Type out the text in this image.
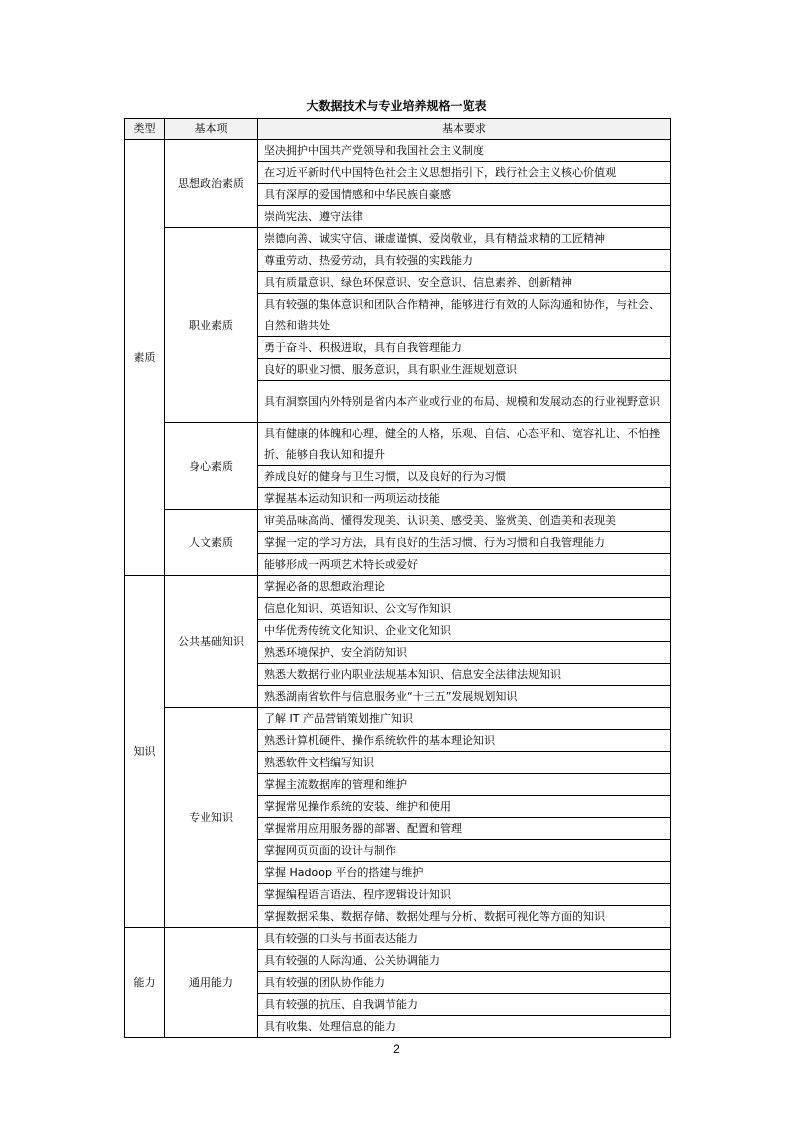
大数据技术与专业培养规格一览表
类型	基本项	基本要求
素质	思想政治素质	坚决拥护中国共产党领导和我国社会主义制度
		在习近平新时代中国特色社会主义思想指引下，践行社会主义核心价值观
		具有深厚的爱国情感和中华民族自豪感
		崇尚宪法、遵守法律
	职业素质	崇德向善、诚实守信、谦虚谨慎、爱岗敬业，具有精益求精的工匠精神
		尊重劳动、热爱劳动，具有较强的实践能力
		具有质量意识、绿色环保意识、安全意识、信息素养、创新精神
		具有较强的集体意识和团队合作精神，能够进行有效的人际沟通和协作，与社会、自然和谐共处
		勇于奋斗、积极进取，具有自我管理能力
		良好的职业习惯、服务意识，具有职业生涯规划意识
		具有洞察国内外特别是省内本产业或行业的布局、规模和发展动态的行业视野意识
	身心素质	具有健康的体魄和心理、健全的人格，乐观、自信、心态平和、宽容礼让、不怕挫折、能够自我认知和提升
		养成良好的健身与卫生习惯，以及良好的行为习惯
		掌握基本运动知识和一两项运动技能
	人文素质	审美品味高尚、懂得发现美、认识美、感受美、鉴赏美、创造美和表现美
		掌握一定的学习方法，具有良好的生活习惯、行为习惯和自我管理能力
		能够形成一两项艺术特长或爱好
知识	公共基础知识	掌握必备的思想政治理论
		信息化知识、英语知识、公文写作知识
		中华优秀传统文化知识、企业文化知识
		熟悉环境保护、安全消防知识
		熟悉大数据行业内职业法规基本知识、信息安全法律法规知识
		熟悉湖南省软件与信息服务业“十三五”发展规划知识
	专业知识	了解 IT 产品营销策划推广知识
		熟悉计算机硬件、操作系统软件的基本理论知识
		熟悉软件文档编写知识
		掌握主流数据库的管理和维护
		掌握常见操作系统的安装、维护和使用
		掌握常用应用服务器的部署、配置和管理
		掌握网页页面的设计与制作
		掌握 Hadoop 平台的搭建与维护
		掌握编程语言语法、程序逻辑设计知识
		掌握数据采集、数据存储、数据处理与分析、数据可视化等方面的知识
能力	通用能力	具有较强的口头与书面表达能力
		具有较强的人际沟通、公关协调能力
		具有较强的团队协作能力
		具有较强的抗压、自我调节能力
		具有收集、处理信息的能力
2
